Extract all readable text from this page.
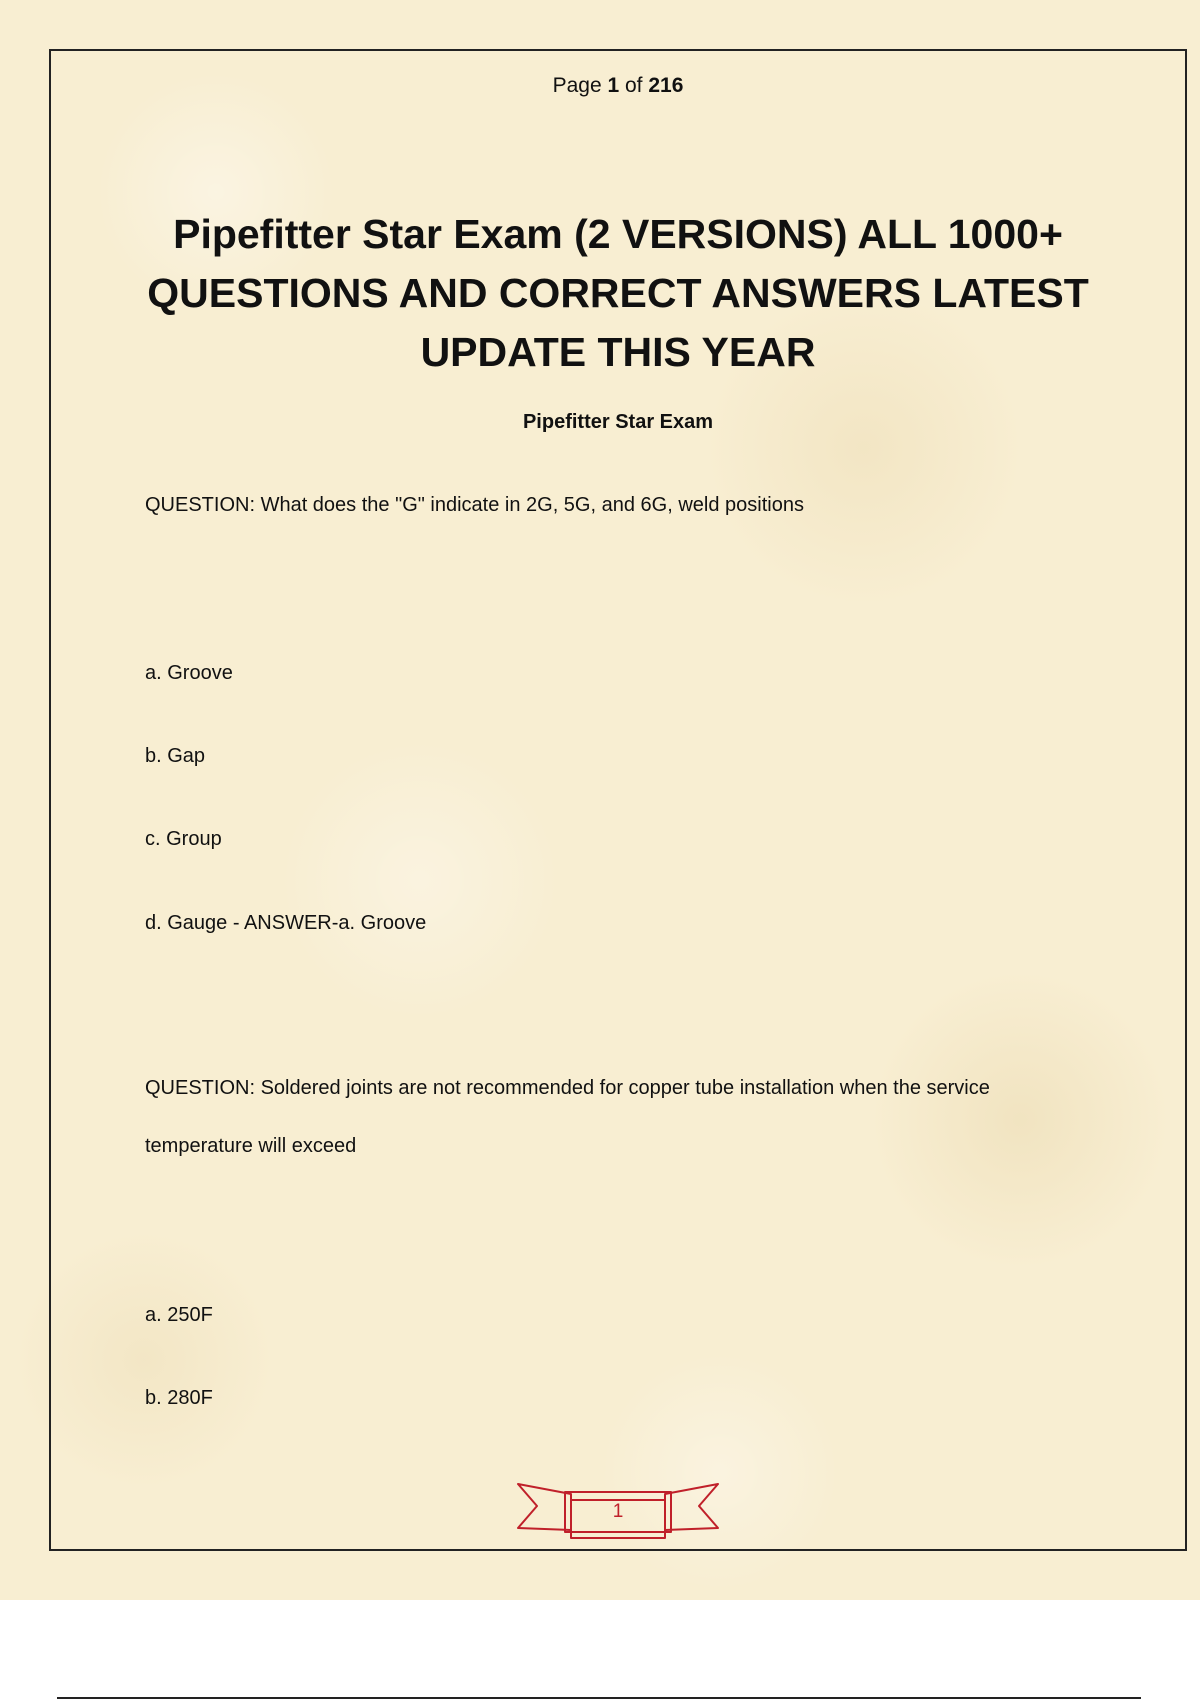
Page 1 of 216
Pipefitter Star Exam (2 VERSIONS) ALL 1000+ QUESTIONS AND CORRECT ANSWERS LATEST UPDATE THIS YEAR
Pipefitter Star Exam
QUESTION: What does the "G" indicate in 2G, 5G, and 6G, weld positions
a. Groove
b. Gap
c. Group
d. Gauge - ANSWER-a. Groove
QUESTION: Soldered joints are not recommended for copper tube installation when the service
temperature will exceed
a. 250F
b. 280F
1
